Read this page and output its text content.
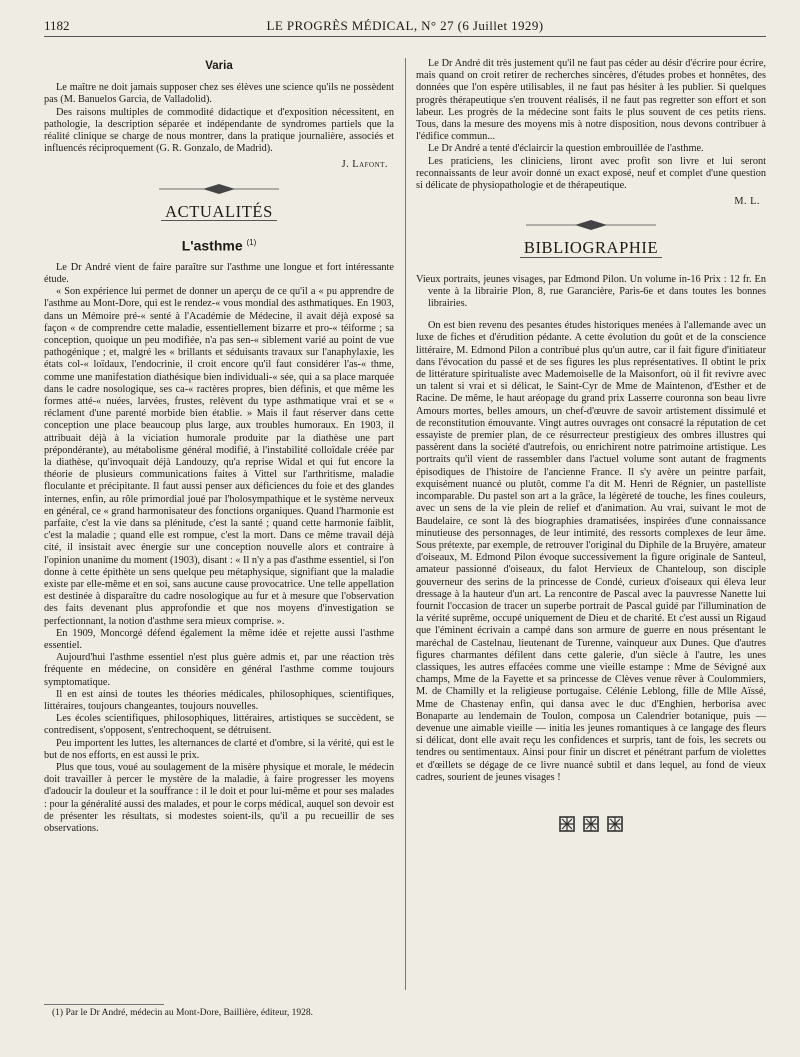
1182	LE PROGRÈS MÉDICAL, N° 27 (6 Juillet 1929)
Varia

Le maître ne doit jamais supposer chez ses élèves une science qu'ils ne possèdent pas (M. Banuelos Garcia, de Valladolid).

Des raisons multiples de commodité didactique et d'exposition nécessitent, en pathologie, la description séparée et indépendante de syndromes partiels que la réalité clinique se charge de nous montrer, dans la pratique journalière, associés et influencés réciproquement (G. R. Gonzalo, de Madrid).

J. Lafont.
ACTUALITÉS
L'asthme $^{(1)}$

Le Dr André vient de faire paraître sur l'asthme une longue et fort intéressante étude.

« Son expérience lui permet de donner un aperçu de ce qu'il a « pu apprendre de l'asthme au Mont-Dore, qui est le rendez-« vous mondial des asthmatiques. En 1903, dans un Mémoire pré-« senté à l'Académie de Médecine, il avait déjà exposé sa façon « de comprendre cette maladie, essentiellement bizarre et pro-« téiforme ; sa conception, quoique un peu modifiée, n'a pas sen-« siblement varié au point de vue pathogénique ; et, malgré les « brillants et séduisants travaux sur l'anaphylaxie, les états col-« loïdaux, l'endocrinie, il croit encore qu'il faut considérer l'as-« thme, comme une manifestation diathésique bien individuali-« sée, qui a sa place marquée dans le cadre nosologique, ses ca-« ractères propres, bien définis, et que même les formes atté-« nuées, larvées, frustes, relèvent du type asthmatique vrai et se « réclament d'une parenté morbide bien établie. » Mais il faut réserver dans cette conception une place beaucoup plus large, aux troubles humoraux. En 1903, il attribuait déjà à la viciation humorale produite par la diathèse une part prépondérante), au métabolisme général modifié, à l'instabilité colloïdale créée par la diathèse, qu'invoquait déjà Landouzy, qu'a reprise Widal et qui fut encore la théorie de plusieurs communications faites à Vittel sur l'arthritisme, maladie floculante et précipitante. Il faut aussi penser aux déficiences du foie et des glandes internes, enfin, au rôle primordial joué par l'holosympathique et le système nerveux en général, ce « grand harmonisateur des fonctions organiques. Quand l'harmonie est parfaite, c'est la vie dans sa plénitude, c'est la santé ; quand cette harmonie faiblit, c'est la maladie ; quand elle est rompue, c'est la mort. Dans ce même travail déjà cité, il insistait avec énergie sur une conception nouvelle alors et contraire à l'opinion unanime du moment (1903), disant : « Il n'y a pas d'asthme essentiel, si l'on donne à cette épithète un sens quelque peu métaphysique, signifiant que la maladie existe par elle-même et en soi, sans aucune cause provocatrice. Une telle appellation est destinée à disparaître du cadre nosologique au fur et à mesure que l'observation des faits devenant plus approfondie et que nos moyens d'investigation se perfectionnant, la notion d'asthme sera mieux comprise. ».

En 1909, Moncorgé défend également la même idée et rejette aussi l'asthme essentiel.

Aujourd'hui l'asthme essentiel n'est plus guère admis et, par une réaction très fréquente en médecine, on considère en général l'asthme comme toujours symptomatique.

Il en est ainsi de toutes les théories médicales, philosophiques, scientifiques, littéraires, toujours changeantes, toujours nouvelles.

Les écoles scientifiques, philosophiques, littéraires, artistiques se succèdent, se contredisent, s'opposent, s'entrechoquent, se détruisent.

Peu importent les luttes, les alternances de clarté et d'ombre, si la vérité, qui est le but de nos efforts, en est aussi le prix.

Plus que tous, voué au soulagement de la misère physique et morale, le médecin doit travailler à percer le mystère de la maladie, à faire progresser les moyens d'adoucir la douleur et la souffrance : il le doit et pour lui-même et pour ses malades : pour la généralité aussi des malades, et pour le corps médical, auquel son devoir est de présenter les résultats, si modestes soient-ils, qu'il a pu recueillir de ses observations.

Le Dr André dit très justement qu'il ne faut pas céder au désir d'écrire pour écrire, mais quand on croit retirer de recherches sincères, d'études probes et honnêtes, des données que l'on espère utilisables, il ne faut pas hésiter à les publier. Si quelques progrès thérapeutique s'en trouvent réalisés, il ne faut pas regretter son effort et son labeur. Les progrès de la médecine sont faits le plus souvent de ces petits riens. Tous, dans la mesure des moyens mis à notre disposition, nous devons contribuer à l'édifice commun...

Le Dr André a tenté d'éclaircir la question embrouillée de l'asthme.

Les praticiens, les cliniciens, liront avec profit son livre et lui seront reconnaissants de leur avoir donné un exact exposé, neuf et complet d'une question si délicate de physiopathologie et de thérapeutique.

M. L.
BIBLIOGRAPHIE

Vieux portraits, jeunes visages, par Edmond Pilon. Un volume in-16 Prix : 12 fr. En vente à la librairie Plon, 8, rue Garancière, Paris-6e et dans toutes les bonnes librairies.

On est bien revenu des pesantes études historiques menées à l'allemande avec un luxe de fiches et d'érudition pédante. A cette évolution du goût et de la conscience littéraire, M. Edmond Pilon a contribué plus qu'un autre, car il fait figure d'initiateur dans l'évocation du passé et de ses figures les plus représentatives. Il obtint le prix de littérature spiritualiste avec Mademoiselle de la Maisonfort, où il fit revivre avec un talent si vrai et si délicat, le Saint-Cyr de Mme de Maintenon, d'Esther et de Racine. De même, le haut aréopage du grand prix Lasserre couronna son beau livre Amours mortes, belles amours, un chef-d'œuvre de savoir artistement dissimulé et de reconstitution émouvante. Vingt autres ouvrages ont consacré la réputation de cet essayiste de premier plan, de ce résurrecteur prestigieux des ombres illustres qui passèrent dans la société d'autrefois, ou enrichirent notre patrimoine artistique. Les portraits qu'il vient de rassembler dans l'actuel volume sont autant de fragments épisodiques de l'histoire de l'ancienne France. Il s'y avère un peintre parfait, exquisément nuancé ou plutôt, comme l'a dit M. Henri de Régnier, un pastelliste incomparable. Du pastel son art a la grâce, la légèreté de touche, les fines couleurs, avec un sens de la vie plein de relief et d'animation. Au vrai, suivant le mot de Baudelaire, ce sont là des biographies dramatisées, inspirées d'une connaissance minutieuse des personnages, de leur intimité, des ressorts complexes de leur âme. Sous prétexte, par exemple, de retrouver l'original du Diphile de la Bruyère, amateur d'oiseaux, M. Edmond Pilon évoque successivement la figure originale de Santeul, amateur passionné d'oiseaux, du falot Hervieux de Chanteloup, son disciple gouverneur des serins de la princesse de Condé, curieux d'oiseaux qui éleva leur dressage à la hauteur d'un art. La rencontre de Pascal avec la pauvresse Nanette lui fournit l'occasion de tracer un superbe portrait de Pascal guidé par l'illumination de la vérité suprême, occupé uniquement de Dieu et de charité. Et c'est aussi un Rigaud que l'éminent écrivain a campé dans son armure de guerre en nous présentant le maréchal de Castelnau, lieutenant de Turenne, vainqueur aux Dunes. Que d'autres figures charmantes défilent dans cette galerie, d'un siècle à l'autre, les unes classiques, les autres effacées comme une vieille estampe : Mme de Sévigné aux champs, Mme de la Fayette et sa princesse de Clèves venue rêver à Coulommiers, M. de Chamilly et la religieuse portugaise. Célénie Leblong, fille de Mlle Aïssé, Mme de Chastenay enfin, qui dansa avec le duc d'Enghien, herborisa avec Bonaparte au lendemain de Toulon, composa un Calendrier botanique, puis — devenue une aimable vieille — initia les jeunes romantiques à ce langage des fleurs si délicat, dont elle avait reçu les confidences et surpris, tant de fois, les secrets ou tendres ou sentimentaux. Ainsi pour finir un discret et pénétrant parfum de violettes et d'œillets se dégage de ce livre nuancé subtil et dans lequel, au fond de vieux cadres, sourient de jeunes visages !

(1) Par le Dr André, médecin au Mont-Dore, Baillière, éditeur, 1928.
